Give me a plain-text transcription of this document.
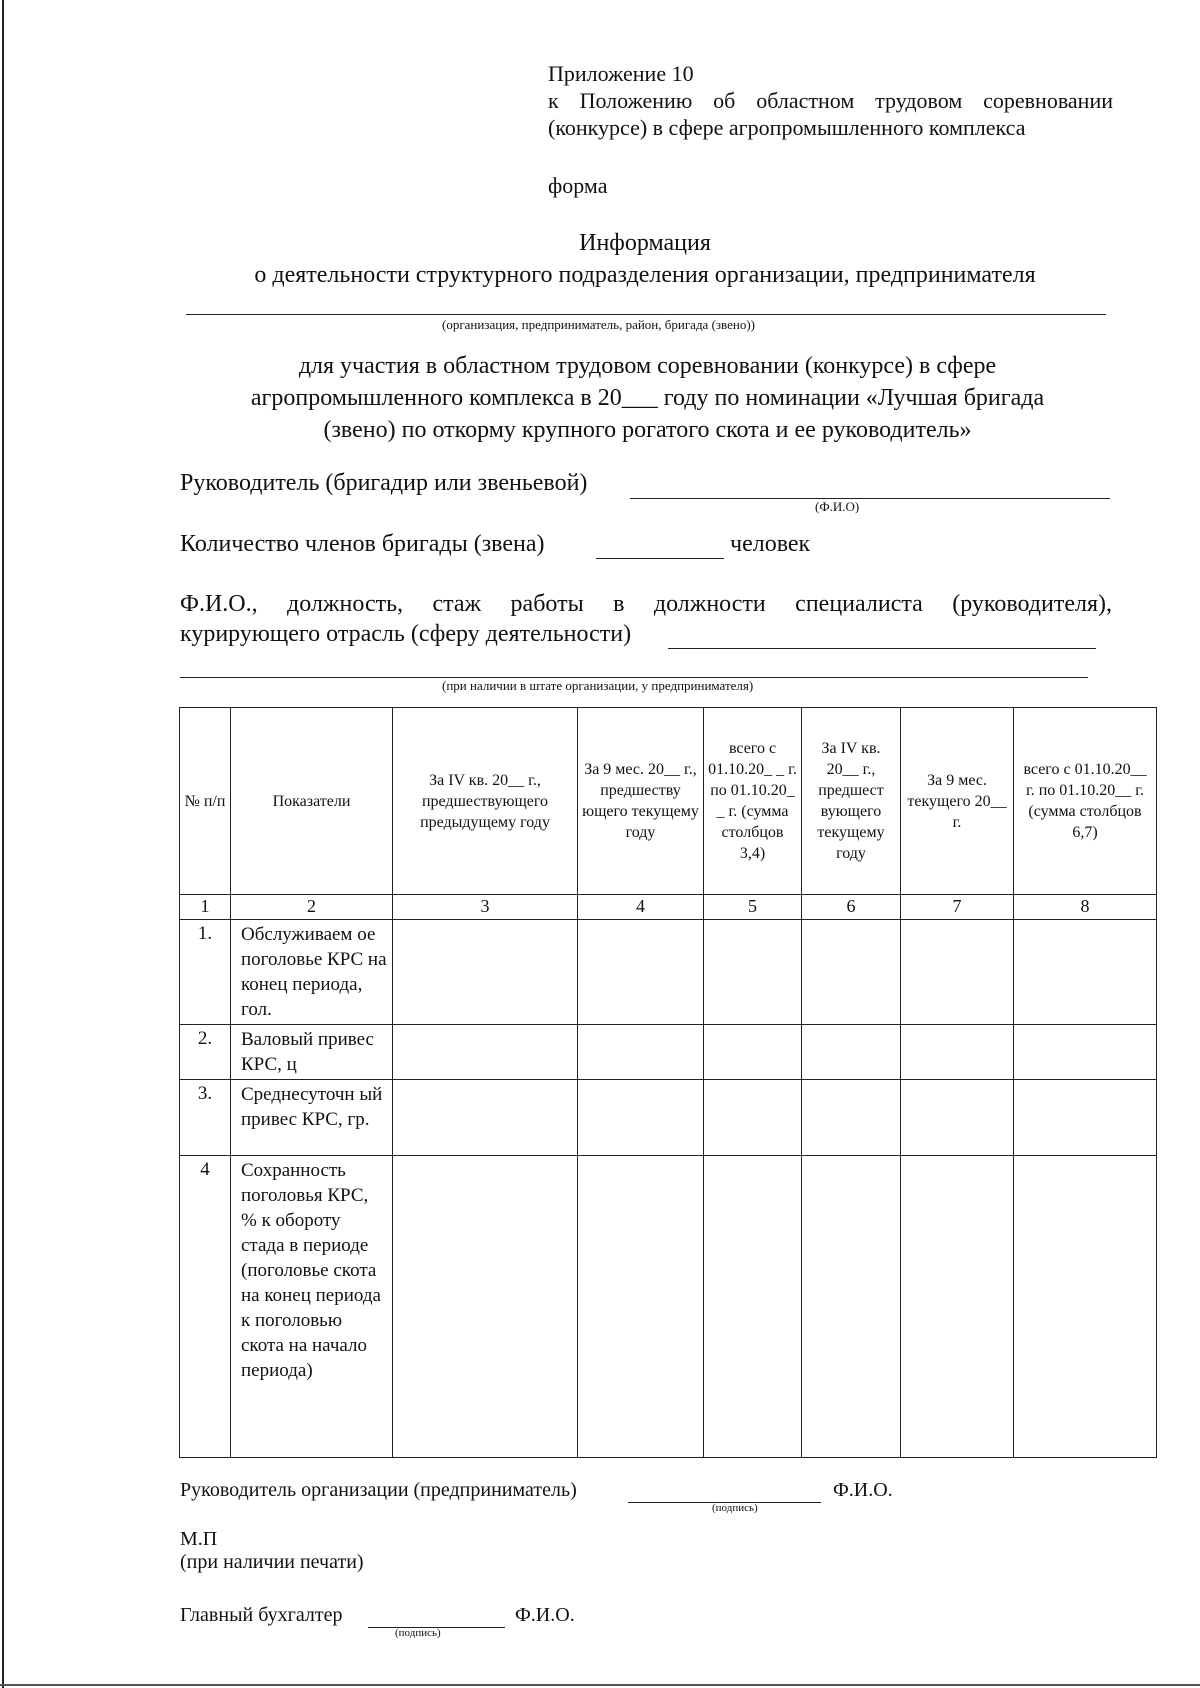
Приложение 10
к Положению об областном трудовом соревновании
(конкурсе) в сфере агропромышленного комплекса
форма
Информация
о деятельности структурного подразделения организации, предпринимателя
(организация, предприниматель, район, бригада (звено))
для участия в областном трудовом соревновании (конкурсе) в сфере
агропромышленного комплекса в 20___ году по номинации «Лучшая бригада
(звено) по откорму крупного рогатого скота и ее руководитель»
Руководитель (бригадир или звеньевой)
(Ф.И.О)
Количество членов бригады (звена)	человек
Ф.И.О., должность, стаж работы в должности специалиста (руководителя),
курирующего отрасль (сферу деятельности)
(при наличии в штате организации, у предпринимателя)
№ п/п	Показатели	За IV кв. 20__ г., предшествующего предыдущему году	За 9 мес. 20__ г., предшеству ющего текущему году	всего с 01.10.20_ _ г. по 01.10.20_ _ г. (сумма столбцов 3,4)	За IV кв. 20__ г., предшест вующего текущему году	За 9 мес. текущего 20__ г.	всего с 01.10.20__ г. по 01.10.20__ г. (сумма столбцов 6,7)
1	2	3	4	5	6	7	8
1.	Обслуживаем ое поголовье КРС на конец периода, гол.						
2.	Валовый привес КРС, ц						
3.	Среднесуточн ый привес КРС, гр.						
4	Сохранность поголовья КРС, % к обороту стада в периоде (поголовье скота на конец периода к поголовью скота на начало периода)						
Руководитель организации (предприниматель)
(подпись)
Ф.И.О.
М.П
(при наличии печати)
Главный бухгалтер
(подпись)
Ф.И.О.
